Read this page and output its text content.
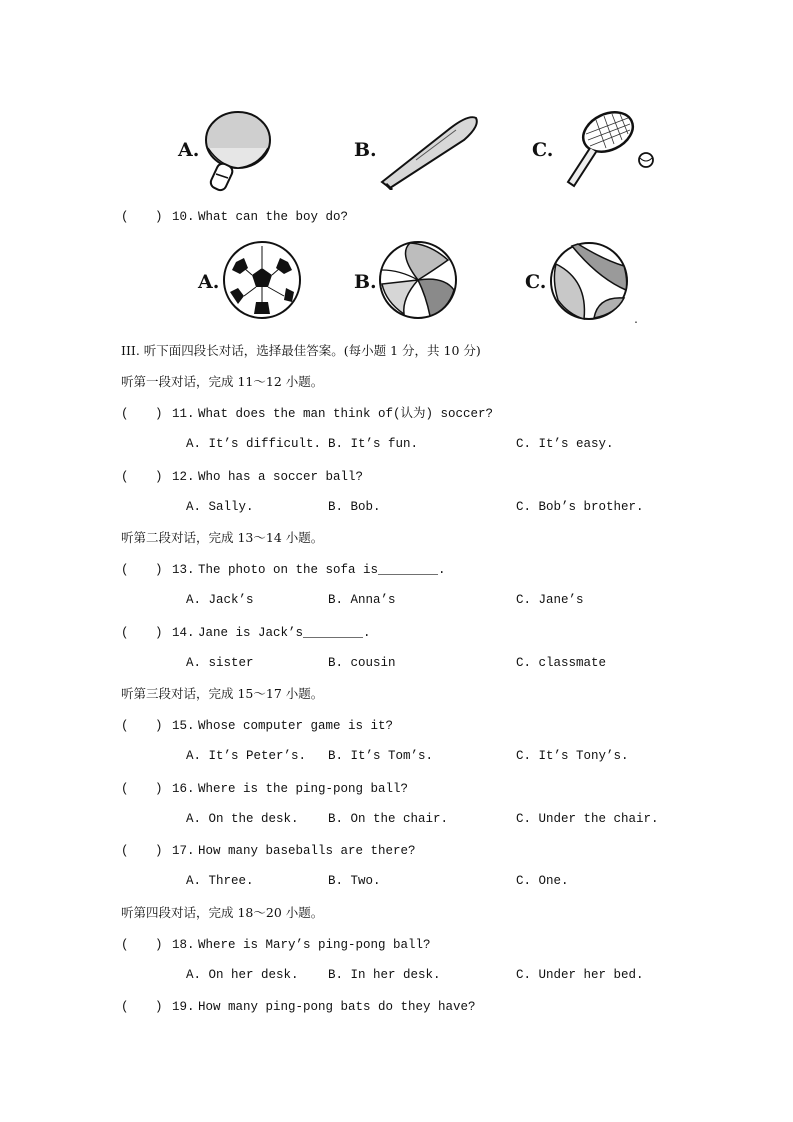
A.	B.	C.
( ) 10. What can the boy do?
A.	B.	C.
.
III. 听下面四段长对话，选择最佳答案。(每小题 1 分，共 10 分)
听第一段对话，完成 11～12 小题。
( ) 11. What does the man think of(认为) soccer?
A. It’s difficult. B. It’s fun.	C. It’s easy.
( ) 12. Who has a soccer ball?
A. Sally.	B. Bob.	C. Bob’s brother.
听第二段对话，完成 13～14 小题。
( ) 13. The photo on the sofa is________.
A. Jack’s	B. Anna’s	C. Jane’s
( ) 14. Jane is Jack’s________.
A. sister	B. cousin	C. classmate
听第三段对话，完成 15～17 小题。
( ) 15. Whose computer game is it?
A. It’s Peter’s. B. It’s Tom’s.	C. It’s Tony’s.
( ) 16. Where is the ping-pong ball?
A. On the desk. B. On the chair.	C. Under the chair.
( ) 17. How many baseballs are there?
A. Three.	B. Two.	C. One.
听第四段对话，完成 18～20 小题。
( ) 18. Where is Mary’s ping-pong ball?
A. On her desk. B. In her desk.	C. Under her bed.
( ) 19. How many ping-pong bats do they have?
